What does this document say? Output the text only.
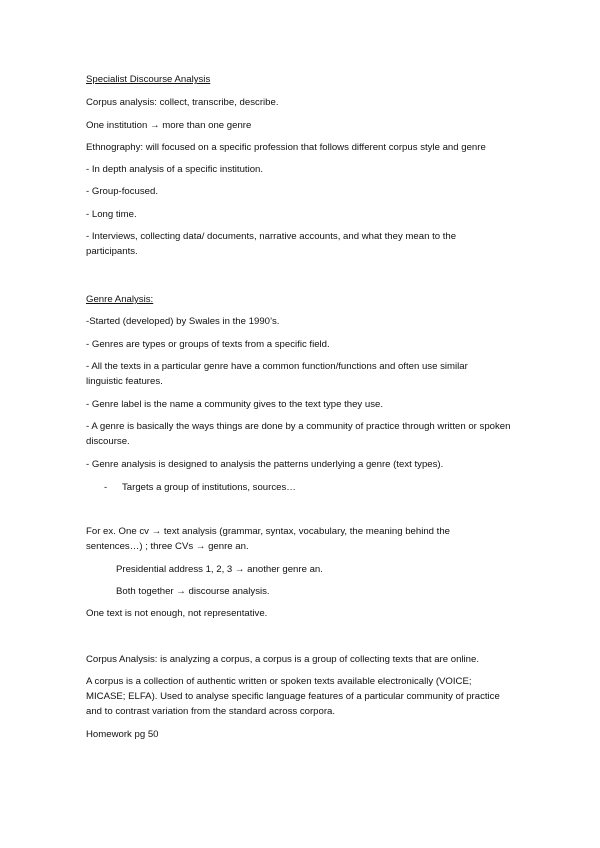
Specialist Discourse Analysis
Corpus analysis: collect, transcribe, describe.
One institution → more than one genre
Ethnography: will focused on a specific profession that follows different corpus style and genre
- In depth analysis of a specific institution.
- Group-focused.
- Long time.
- Interviews, collecting data/ documents, narrative accounts, and what they mean to the participants.
Genre Analysis:
-Started (developed) by Swales in the 1990’s.
- Genres are types or groups of texts from a specific field.
- All the texts in a particular genre have a common function/functions and often use similar linguistic features.
- Genre label is the name a community gives to the text type they use.
- A genre is basically the ways things are done by a community of practice through written or spoken discourse.
- Genre analysis is designed to analysis the patterns underlying a genre (text types).
- Targets a group of institutions, sources…
For ex. One cv → text analysis (grammar, syntax, vocabulary, the meaning behind the sentences…) ; three CVs → genre an.
Presidential address 1, 2, 3 → another genre an.
Both together → discourse analysis.
One text is not enough, not representative.
Corpus Analysis: is analyzing a corpus, a corpus is a group of collecting texts that are online.
A corpus is a collection of authentic written or spoken texts available electronically (VOICE; MICASE; ELFA). Used to analyse specific language features of a particular community of practice and to contrast variation from the standard across corpora.
Homework pg 50
